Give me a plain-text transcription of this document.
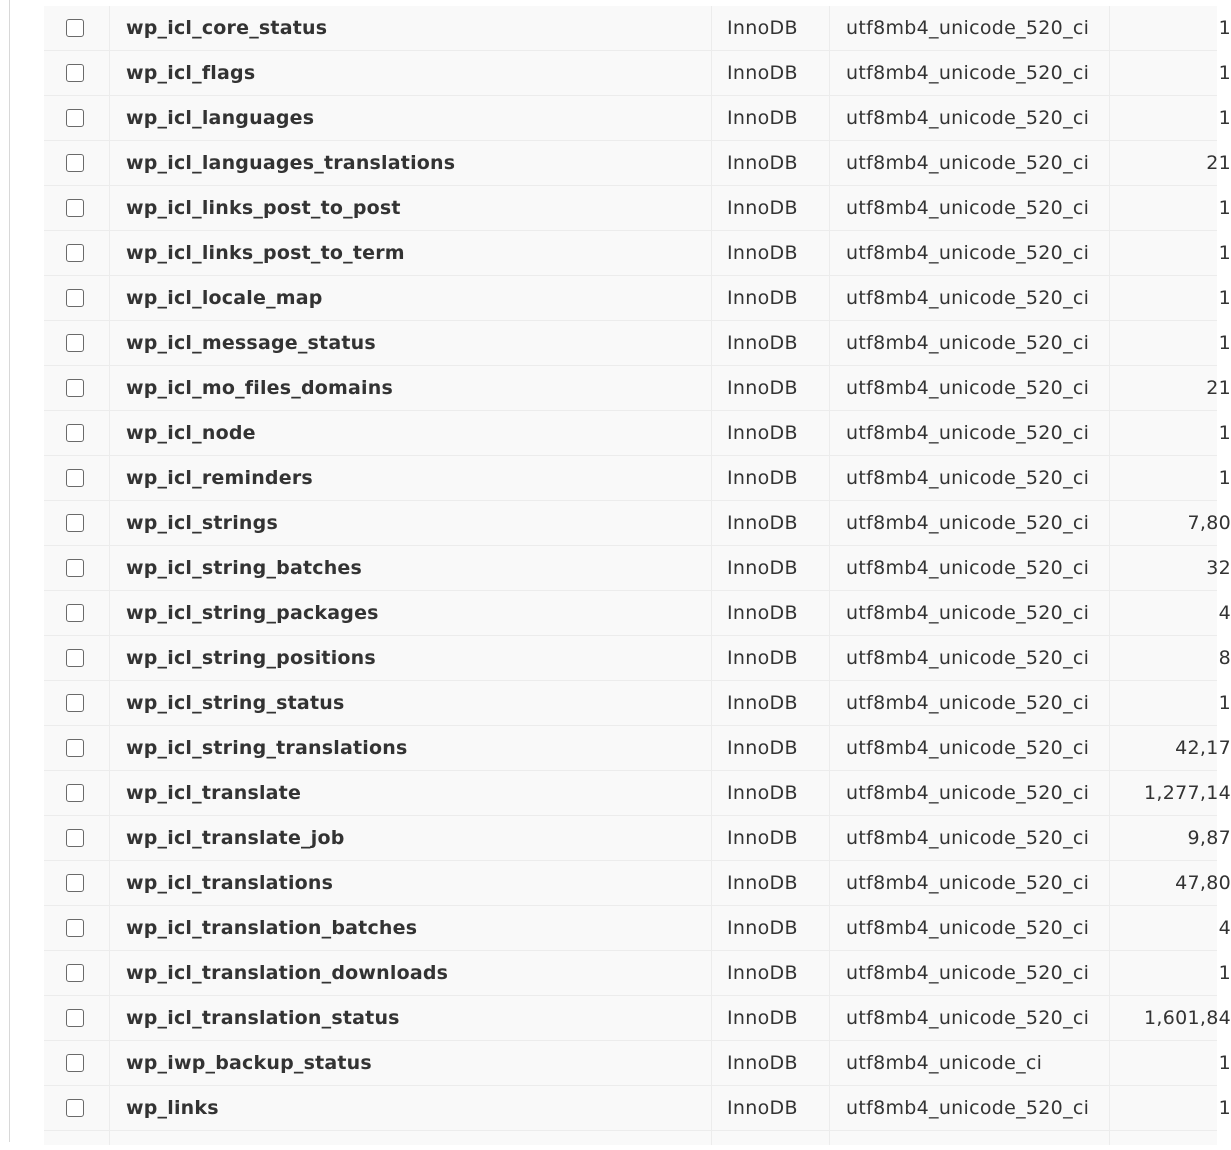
wp_icl_core_status	InnoDB	utf8mb4_unicode_520_ci	1
wp_icl_flags	InnoDB	utf8mb4_unicode_520_ci	1
wp_icl_languages	InnoDB	utf8mb4_unicode_520_ci	1
wp_icl_languages_translations	InnoDB	utf8mb4_unicode_520_ci	21
wp_icl_links_post_to_post	InnoDB	utf8mb4_unicode_520_ci	1
wp_icl_links_post_to_term	InnoDB	utf8mb4_unicode_520_ci	1
wp_icl_locale_map	InnoDB	utf8mb4_unicode_520_ci	1
wp_icl_message_status	InnoDB	utf8mb4_unicode_520_ci	1
wp_icl_mo_files_domains	InnoDB	utf8mb4_unicode_520_ci	21
wp_icl_node	InnoDB	utf8mb4_unicode_520_ci	1
wp_icl_reminders	InnoDB	utf8mb4_unicode_520_ci	1
wp_icl_strings	InnoDB	utf8mb4_unicode_520_ci	7,80
wp_icl_string_batches	InnoDB	utf8mb4_unicode_520_ci	32
wp_icl_string_packages	InnoDB	utf8mb4_unicode_520_ci	4
wp_icl_string_positions	InnoDB	utf8mb4_unicode_520_ci	8
wp_icl_string_status	InnoDB	utf8mb4_unicode_520_ci	1
wp_icl_string_translations	InnoDB	utf8mb4_unicode_520_ci	42,17
wp_icl_translate	InnoDB	utf8mb4_unicode_520_ci	1,277,14
wp_icl_translate_job	InnoDB	utf8mb4_unicode_520_ci	9,87
wp_icl_translations	InnoDB	utf8mb4_unicode_520_ci	47,80
wp_icl_translation_batches	InnoDB	utf8mb4_unicode_520_ci	4
wp_icl_translation_downloads	InnoDB	utf8mb4_unicode_520_ci	1
wp_icl_translation_status	InnoDB	utf8mb4_unicode_520_ci	1,601,84
wp_iwp_backup_status	InnoDB	utf8mb4_unicode_ci	1
wp_links	InnoDB	utf8mb4_unicode_520_ci	1
